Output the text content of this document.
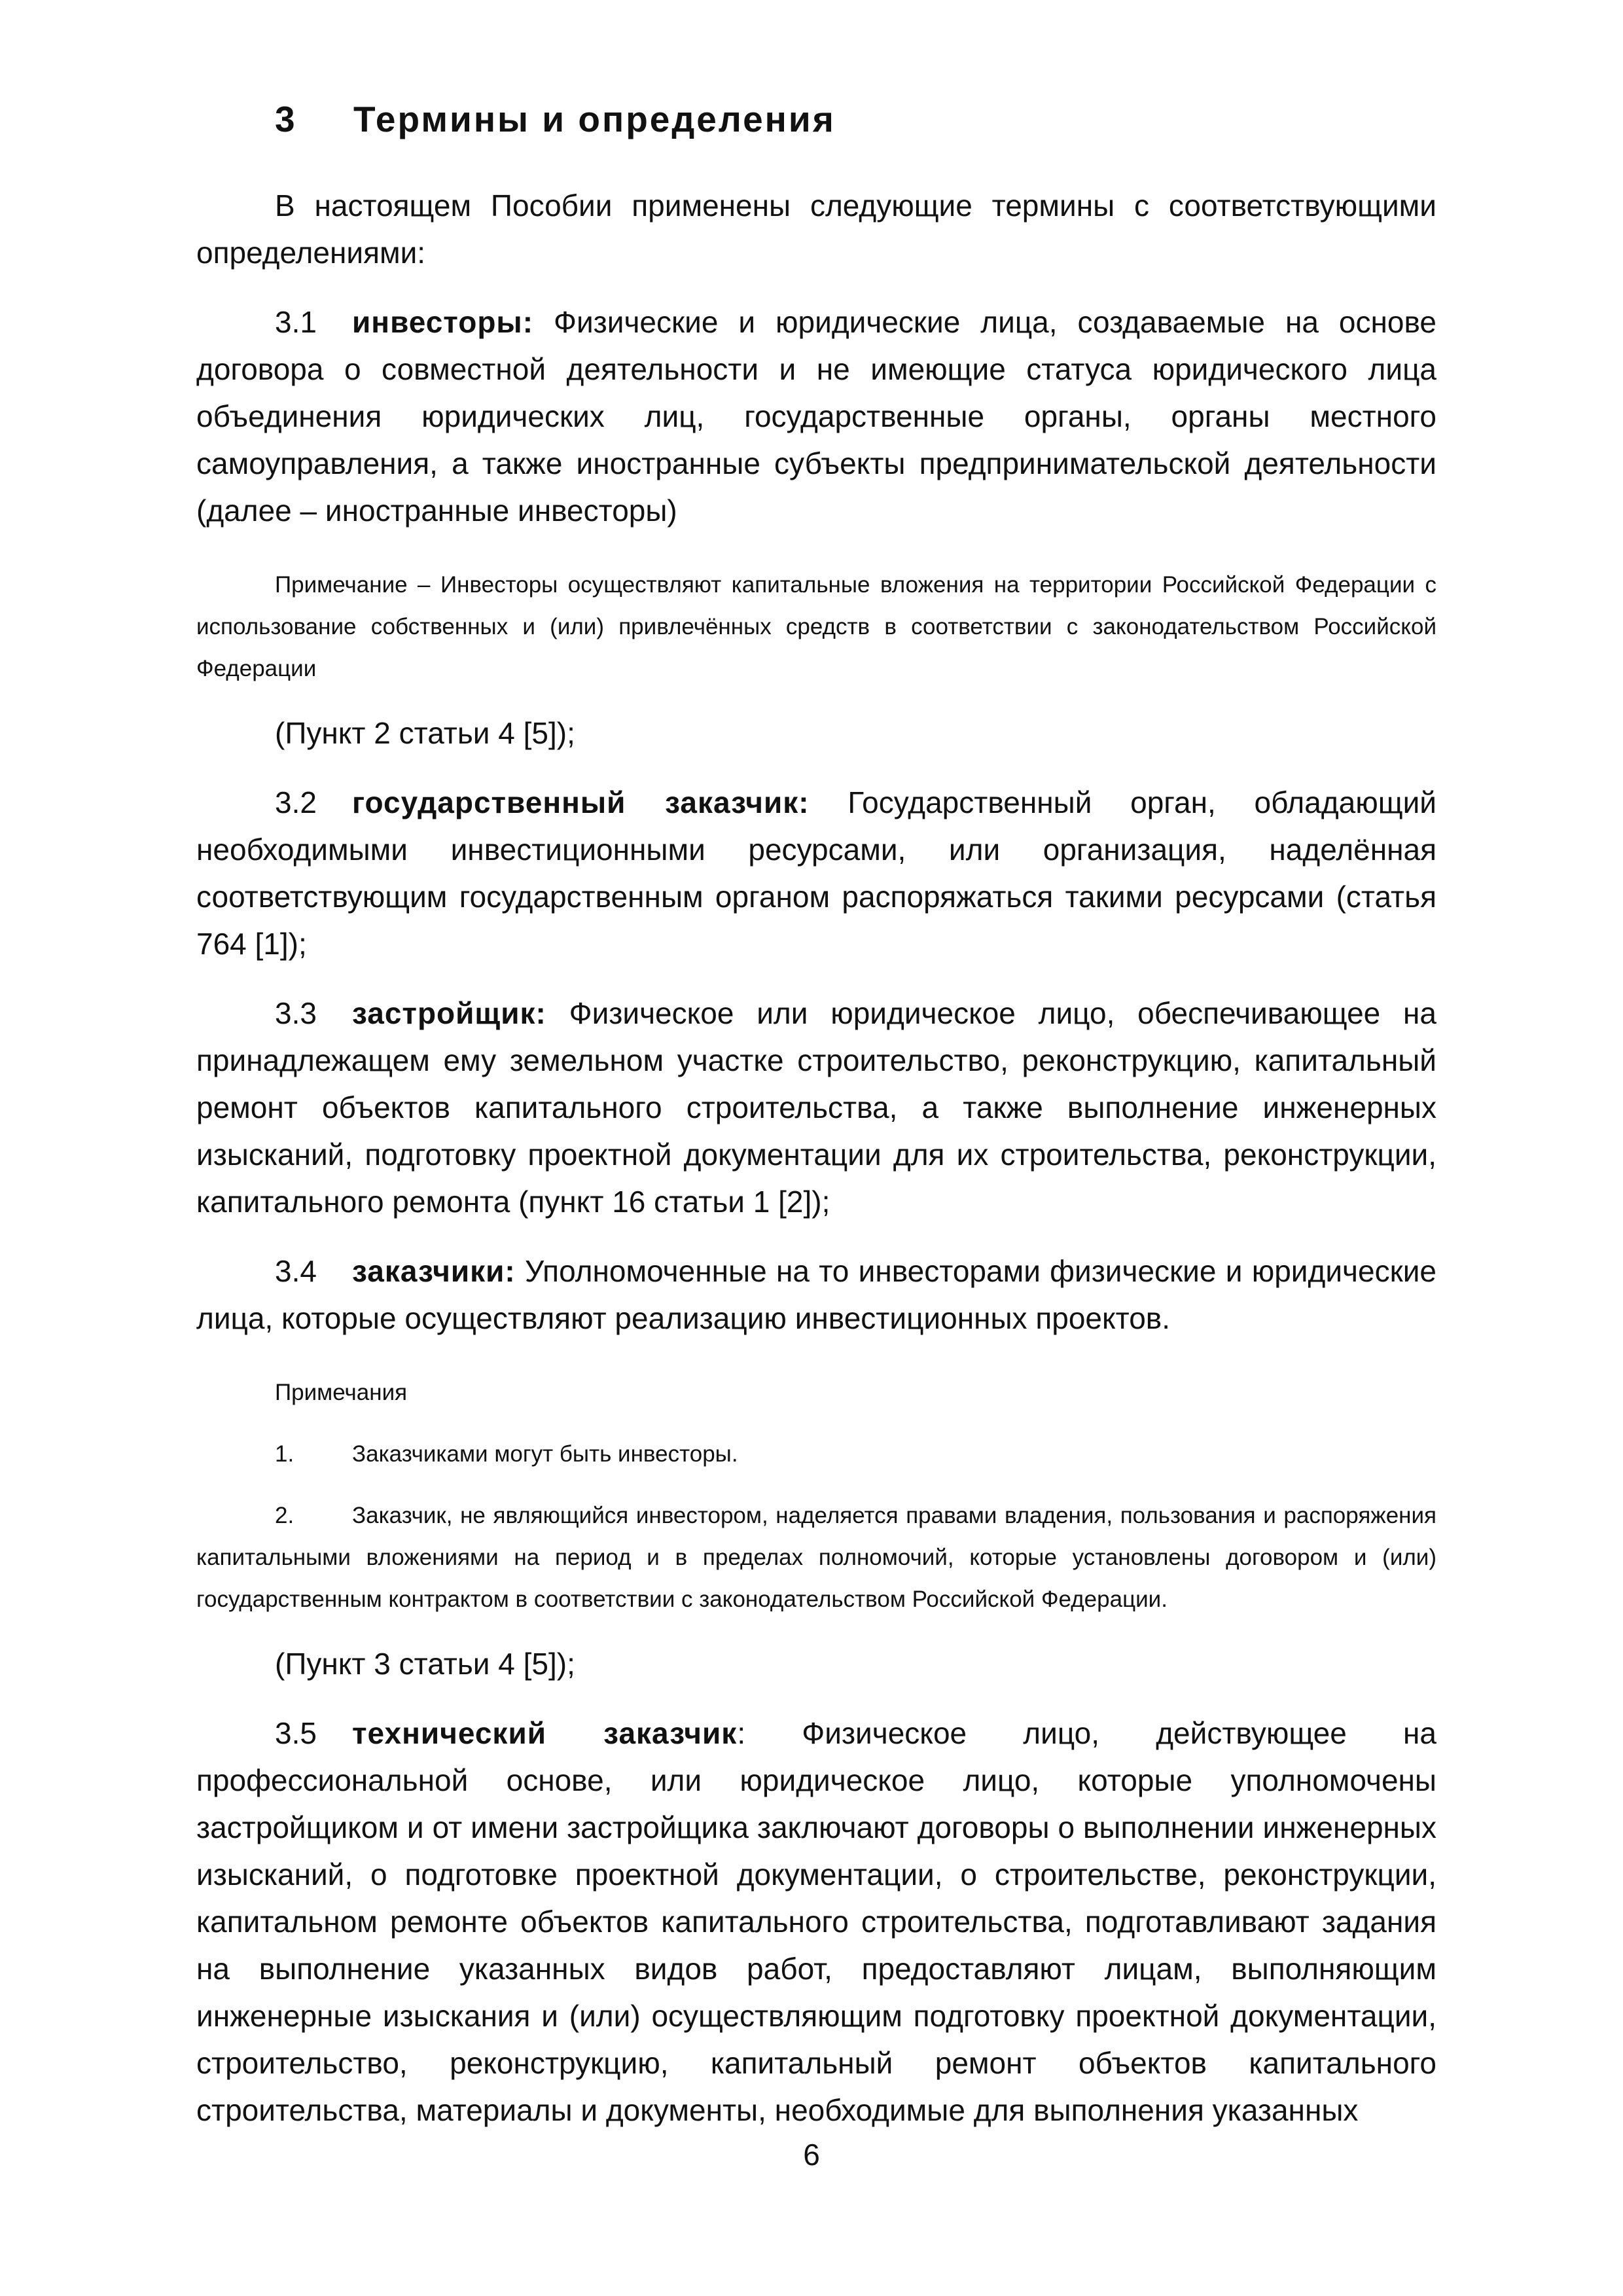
3 Термины и определения

В настоящем Пособии применены следующие термины с соответствующими определениями:

3.1 инвесторы: Физические и юридические лица, создаваемые на основе договора о совместной деятельности и не имеющие статуса юридического лица объединения юридических лиц, государственные органы, органы местного самоуправления, а также иностранные субъекты предпринимательской деятельности (далее – иностранные инвесторы)

Примечание – Инвесторы осуществляют капитальные вложения на территории Российской Федерации с использование собственных и (или) привлечённых средств в соответствии с законодательством Российской Федерации

(Пункт 2 статьи 4 [5]);

3.2 государственный заказчик: Государственный орган, обладающий необходимыми инвестиционными ресурсами, или организация, наделённая соответствующим государственным органом распоряжаться такими ресурсами (статья 764 [1]);

3.3 застройщик: Физическое или юридическое лицо, обеспечивающее на принадлежащем ему земельном участке строительство, реконструкцию, капитальный ремонт объектов капитального строительства, а также выполнение инженерных изысканий, подготовку проектной документации для их строительства, реконструкции, капитального ремонта (пункт 16 статьи 1 [2]);

3.4 заказчики: Уполномоченные на то инвесторами физические и юридические лица, которые осуществляют реализацию инвестиционных проектов.

Примечания

1.	Заказчиками могут быть инвесторы.

2.	Заказчик, не являющийся инвестором, наделяется правами владения, пользования и распоряжения капитальными вложениями на период и в пределах полномочий, которые установлены договором и (или) государственным контрактом в соответствии с законодательством Российской Федерации.

(Пункт 3 статьи 4 [5]);

3.5 технический заказчик: Физическое лицо, действующее на профессиональной основе, или юридическое лицо, которые уполномочены застройщиком и от имени застройщика заключают договоры о выполнении инженерных изысканий, о подготовке проектной документации, о строительстве, реконструкции, капитальном ремонте объектов капитального строительства, подготавливают задания на выполнение указанных видов работ, предоставляют лицам, выполняющим инженерные изыскания и (или) осуществляющим подготовку проектной документации, строительство, реконструкцию, капитальный ремонт объектов капитального строительства, материалы и документы, необходимые для выполнения указанных

6
